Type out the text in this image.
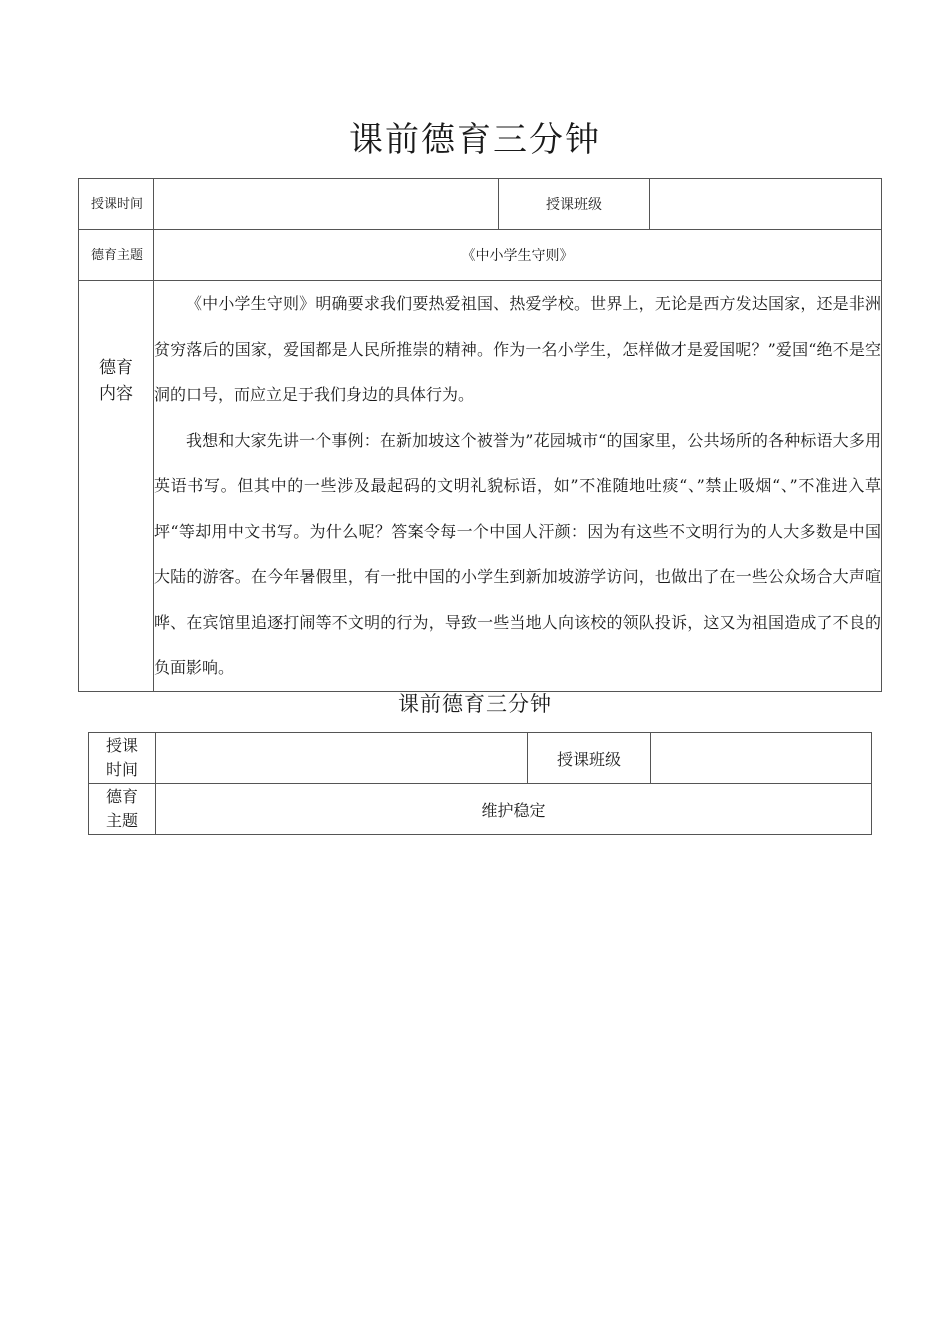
课前德育三分钟
授课时间		授课班级	
德育主题	《中小学生守则》		
德育内容	《中小学生守则》明确要求我们要热爱祖国、热爱学校。世界上，无论是西方发达国家，还是非洲贫穷落后的国家，爱国都是人民所推崇的精神。作为一名小学生，怎样做才是爱国呢？”爱国“绝不是空洞的口号，而应立足于我们身边的具体行为。

我想和大家先讲一个事例：在新加坡这个被誉为”花园城市“的国家里，公共场所的各种标语大多用英语书写。但其中的一些涉及最起码的文明礼貌标语，如”不准随地吐痰“、”禁止吸烟“、”不准进入草坪“等却用中文书写。为什么呢？答案令每一个中国人汗颜：因为有这些不文明行为的人大多数是中国大陆的游客。在今年暑假里，有一批中国的小学生到新加坡游学访问，也做出了在一些公众场合大声喧哗、在宾馆里追逐打闹等不文明的行为，导致一些当地人向该校的领队投诉，这又为祖国造成了不良的负面影响。		

课前德育三分钟
授课时间		授课班级	
德育主题	维护稳定		
